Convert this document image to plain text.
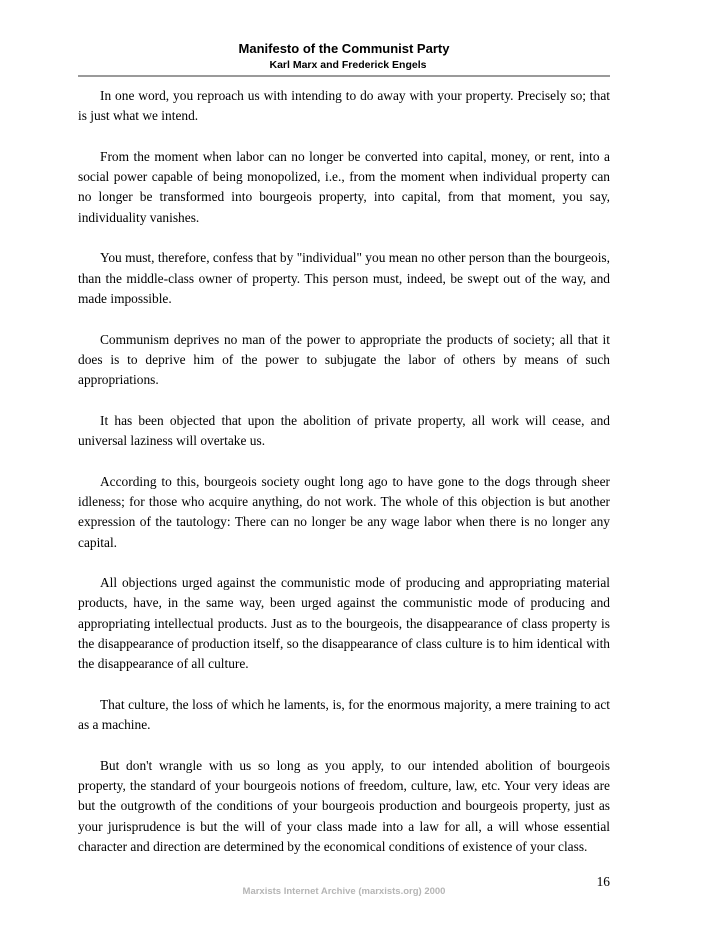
Manifesto of the Communist Party

Karl Marx and Frederick Engels

In one word, you reproach us with intending to do away with your property. Precisely so; that is just what we intend.

From the moment when labor can no longer be converted into capital, money, or rent, into a social power capable of being monopolized, i.e., from the moment when individual property can no longer be transformed into bourgeois property, into capital, from that moment, you say, individuality vanishes.

You must, therefore, confess that by "individual" you mean no other person than the bourgeois, than the middle-class owner of property. This person must, indeed, be swept out of the way, and made impossible.

Communism deprives no man of the power to appropriate the products of society; all that it does is to deprive him of the power to subjugate the labor of others by means of such appropriations.

It has been objected that upon the abolition of private property, all work will cease, and universal laziness will overtake us.

According to this, bourgeois society ought long ago to have gone to the dogs through sheer idleness; for those who acquire anything, do not work. The whole of this objection is but another expression of the tautology: There can no longer be any wage labor when there is no longer any capital.

All objections urged against the communistic mode of producing and appropriating material products, have, in the same way, been urged against the communistic mode of producing and appropriating intellectual products. Just as to the bourgeois, the disappearance of class property is the disappearance of production itself, so the disappearance of class culture is to him identical with the disappearance of all culture.

That culture, the loss of which he laments, is, for the enormous majority, a mere training to act as a machine.

But don't wrangle with us so long as you apply, to our intended abolition of bourgeois property, the standard of your bourgeois notions of freedom, culture, law, etc. Your very ideas are but the outgrowth of the conditions of your bourgeois production and bourgeois property, just as your jurisprudence is but the will of your class made into a law for all, a will whose essential character and direction are determined by the economical conditions of existence of your class.

16
Marxists Internet Archive (marxists.org) 2000
